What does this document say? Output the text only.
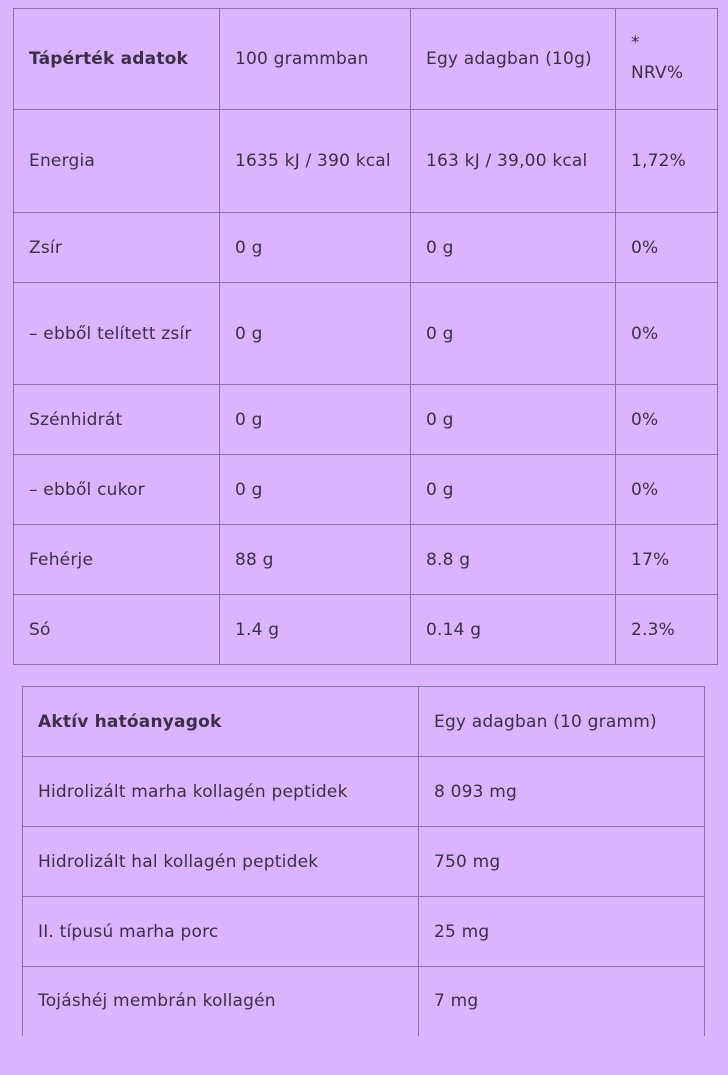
Tápérték adatok	100 grammban	Egy adagban (10g)	*
NRV%
Energia	1635 kJ / 390 kcal	163 kJ / 39,00 kcal	1,72%
Zsír	0 g	0 g	0%
– ebből telített zsír	0 g	0 g	0%
Szénhidrát	0 g	0 g	0%
– ebből cukor	0 g	0 g	0%
Fehérje	88 g	8.8 g	17%
Só	1.4 g	0.14 g	2.3%
Aktív hatóanyagok	Egy adagban (10 gramm)
Hidrolizált marha kollagén peptidek	8 093 mg
Hidrolizált hal kollagén peptidek	750 mg
II. típusú marha porc	25 mg
Tojáshéj membrán kollagén	7 mg
